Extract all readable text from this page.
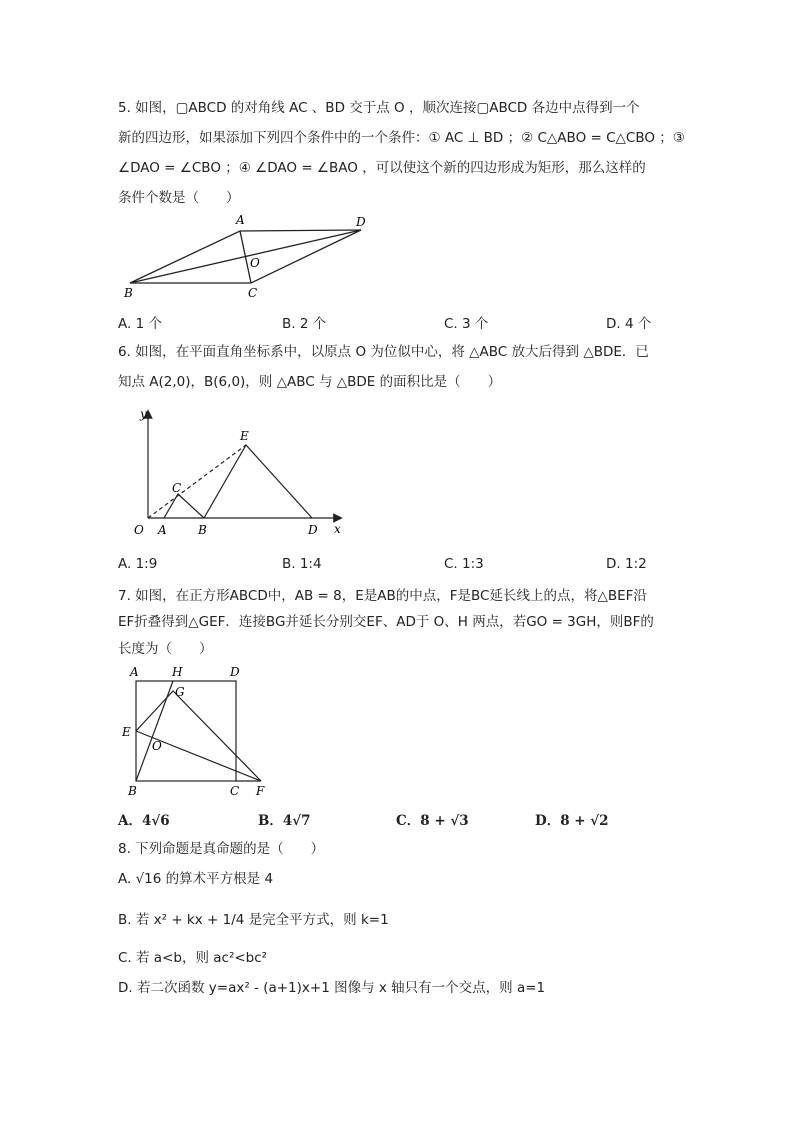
5. 如图，▢ABCD 的对角线 AC 、BD 交于点 O ，顺次连接▢ABCD 各边中点得到一个
新的四边形，如果添加下列四个条件中的一个条件：① AC ⊥ BD ；② C△ABO = C△CBO ；③
∠DAO = ∠CBO ；④ ∠DAO = ∠BAO ，可以使这个新的四边形成为矩形，那么这样的
条件个数是（　　）
A	D
O
B	C
A. 1 个	B. 2 个	C. 3 个	D. 4 个
6. 如图，在平面直角坐标系中，以原点 O 为位似中心，将 △ABC 放大后得到 △BDE．已
知点 A(2,0)，B(6,0)，则 △ABC 与 △BDE 的面积比是（　　）
y
x
O A	B
C
D
E
A. 1:9	B. 1:4	C. 1:3	D. 1:2
7. 如图，在正方形ABCD中，AB = 8，E是AB的中点，F是BC延长线上的点，将△BEF沿
EF折叠得到△GEF．连接BG并延长分别交EF、AD于 O、H 两点，若GO = 3GH，则BF的
长度为（　　）
A	H	D
G
E
O
B	C F
A．4√6	B．4√7	C．8 + √3	D．8 + √2
8. 下列命题是真命题的是（　　）
A. √16 的算术平方根是 4
B. 若 x² + kx + 1/4 是完全平方式，则 k=1
C. 若 a<b，则 ac²<bc²
D. 若二次函数 y=ax² - (a+1)x+1 图像与 x 轴只有一个交点，则 a=1
